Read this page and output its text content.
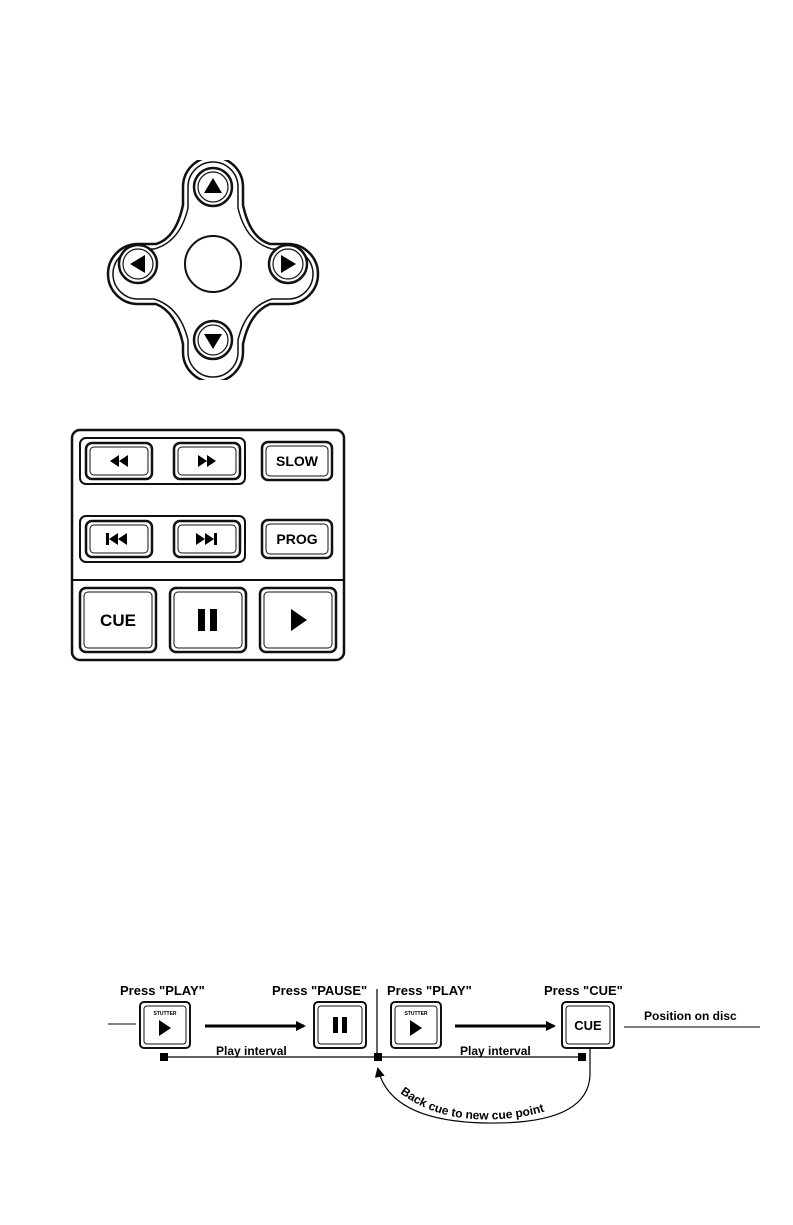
SLOW
PROG
CUE
Press "PLAY"	Press "PAUSE" Press "PLAY"	Press "CUE"
STUTTER	STUTTER
CUE
Position on disc
Play interval	Play interval
Back cue to new cue point
